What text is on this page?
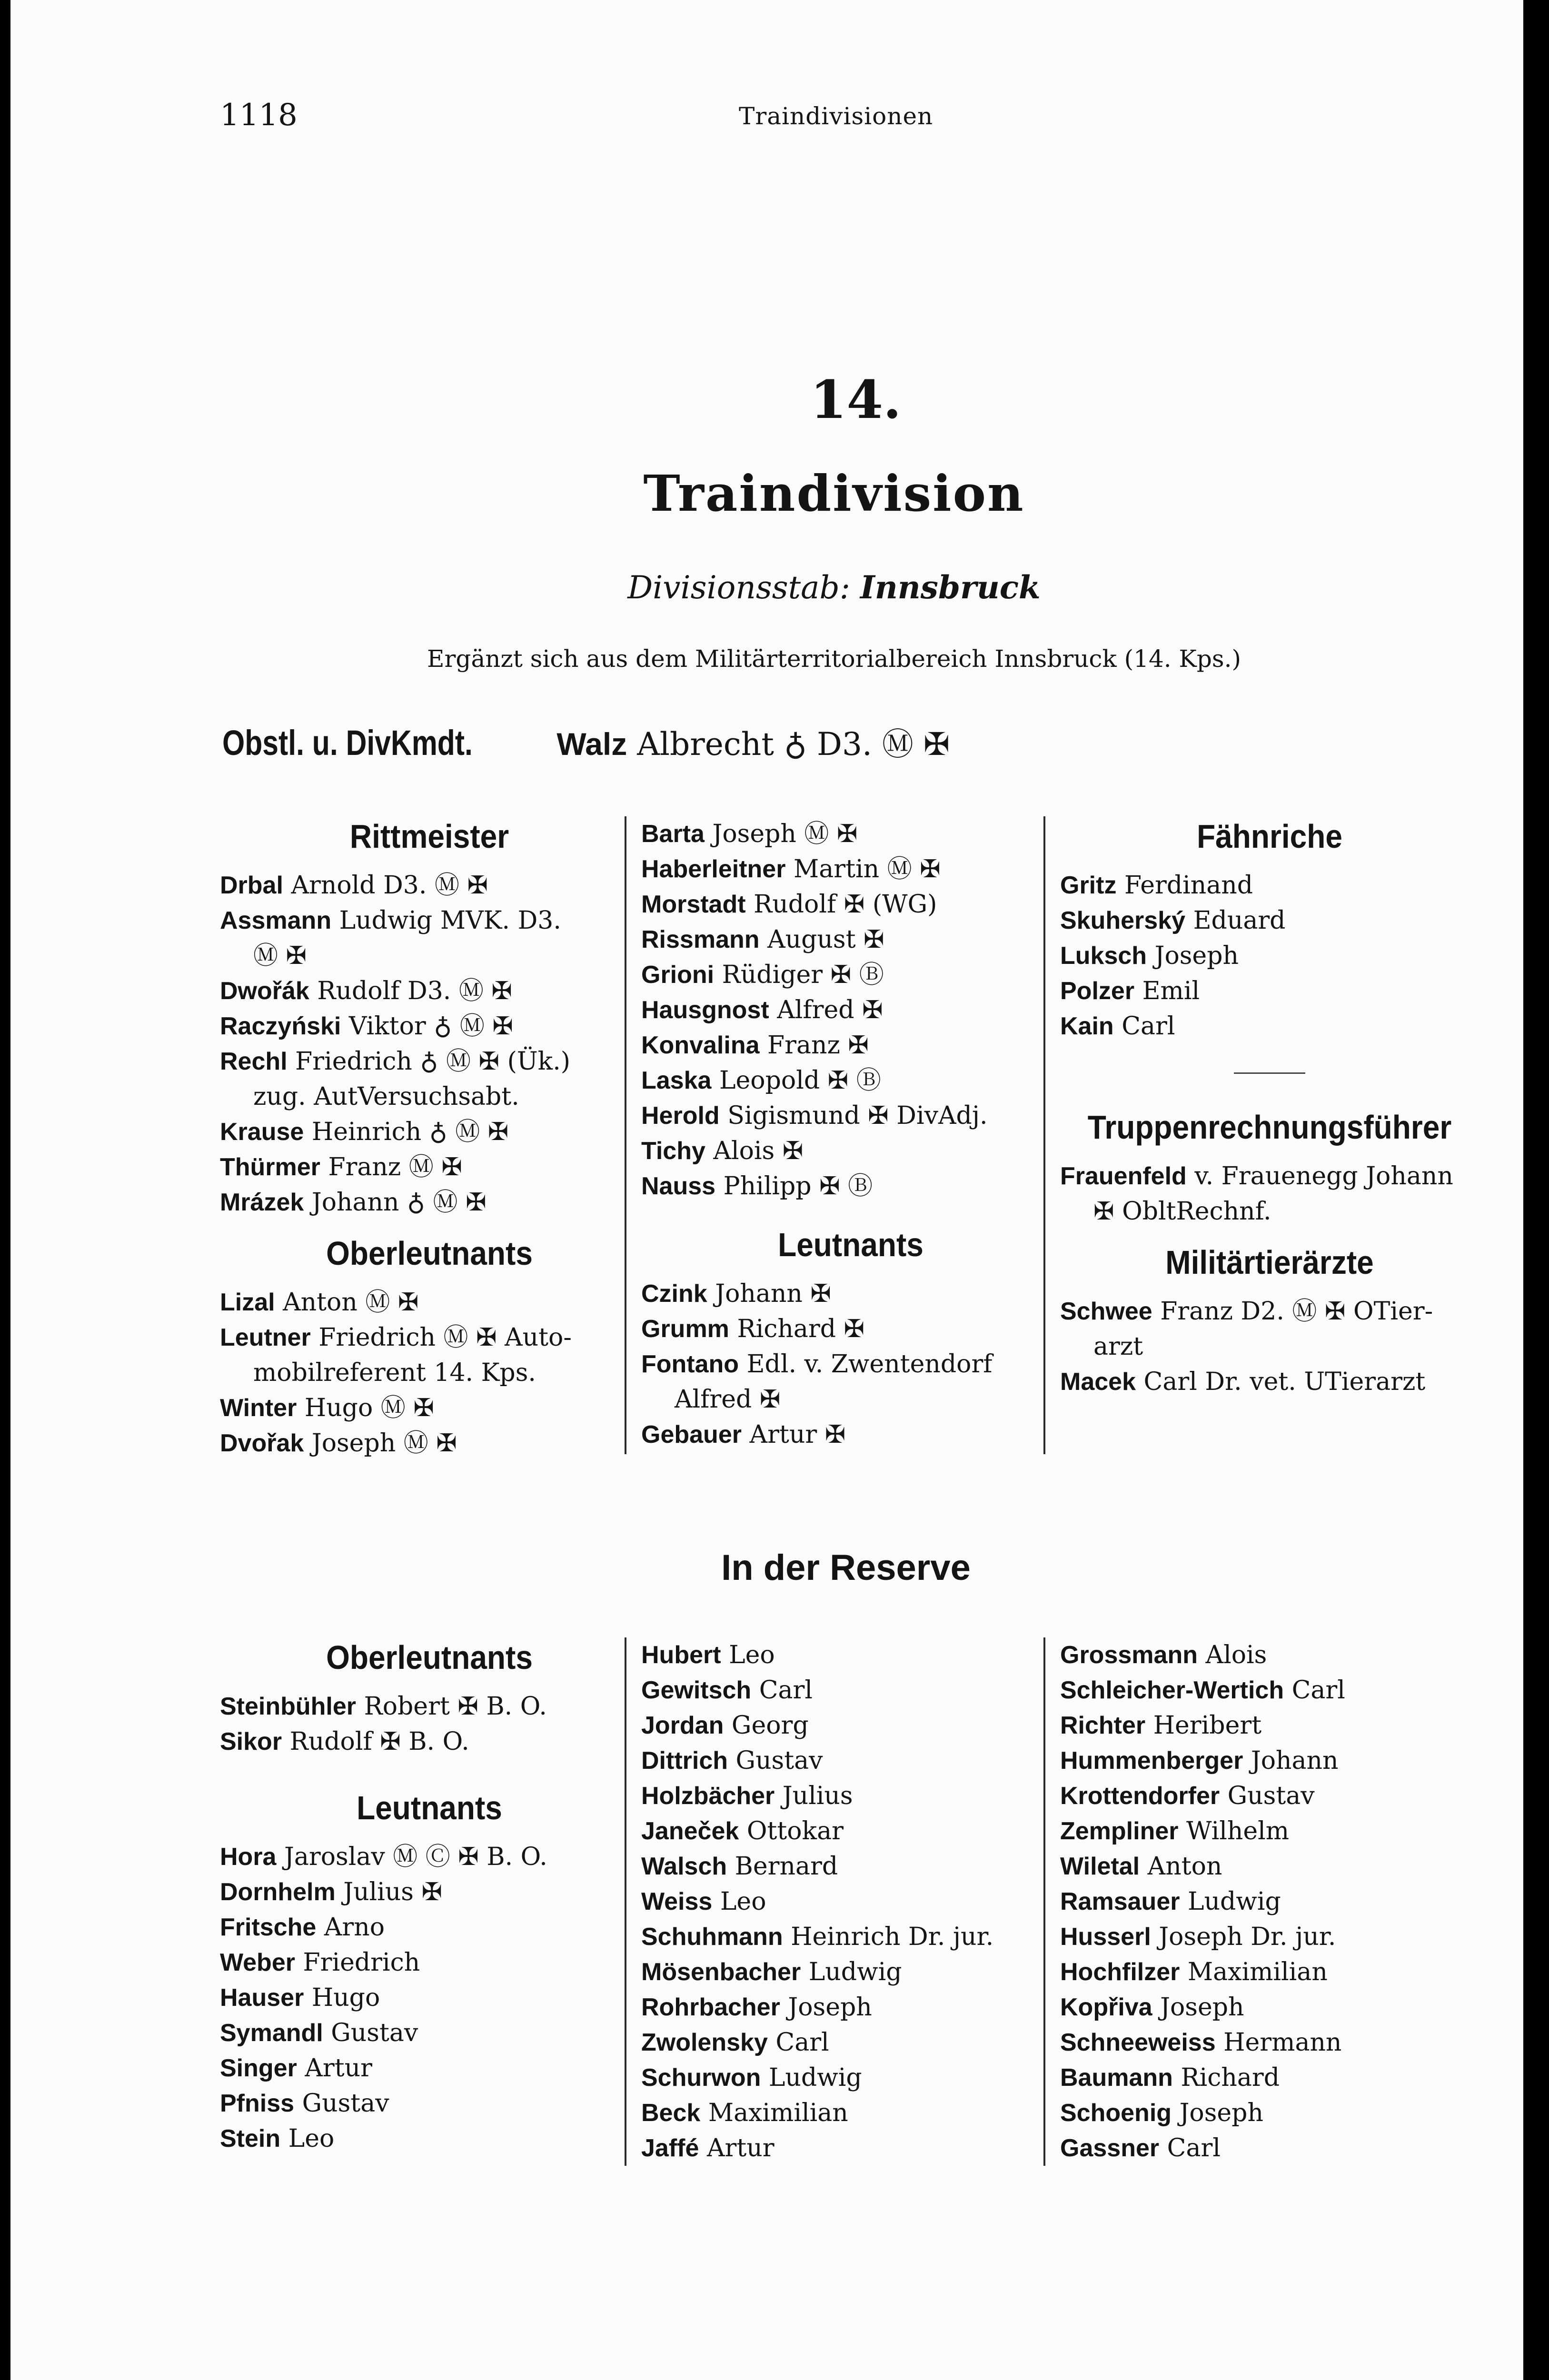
1118	Traindivisionen
14.
Traindivision
Divisionsstab: Innsbruck
Ergänzt sich aus dem Militärterritorialbereich Innsbruck (14. Kps.)
Obstl. u. DivKmdt.	Walz Albrecht ♁ D3. Ⓜ ✠
Rittmeister
Drbal Arnold D3. Ⓜ ✠
Assmann Ludwig MVK. D3.
Ⓜ ✠
Dwořák Rudolf D3. Ⓜ ✠
Raczyński Viktor ♁ Ⓜ ✠
Rechl Friedrich ♁ Ⓜ ✠ (Ük.)
zug. AutVersuchsabt.
Krause Heinrich ♁ Ⓜ ✠
Thürmer Franz Ⓜ ✠
Mrázek Johann ♁ Ⓜ ✠
Oberleutnants
Lizal Anton Ⓜ ✠
Leutner Friedrich Ⓜ ✠ Auto-
mobilreferent 14. Kps.
Winter Hugo Ⓜ ✠
Dvořak Joseph Ⓜ ✠
Barta Joseph Ⓜ ✠
Haberleitner Martin Ⓜ ✠
Morstadt Rudolf ✠ (WG)
Rissmann August ✠
Grioni Rüdiger ✠ Ⓑ
Hausgnost Alfred ✠
Konvalina Franz ✠
Laska Leopold ✠ Ⓑ
Herold Sigismund ✠ DivAdj.
Tichy Alois ✠
Nauss Philipp ✠ Ⓑ
Leutnants
Czink Johann ✠
Grumm Richard ✠
Fontano Edl. v. Zwentendorf
Alfred ✠
Gebauer Artur ✠
Fähnriche
Gritz Ferdinand
Skuherský Eduard
Luksch Joseph
Polzer Emil
Kain Carl
Truppenrechnungsführer
Frauenfeld v. Frauenegg Johann
✠ ObltRechnf.
Militärtierärzte
Schwee Franz D2. Ⓜ ✠ OTier-
arzt
Macek Carl Dr. vet. UTierarzt
In der Reserve
Oberleutnants
Steinbühler Robert ✠ B. O.
Sikor Rudolf ✠ B. O.
Leutnants
Hora Jaroslav Ⓜ Ⓒ ✠ B. O.
Dornhelm Julius ✠
Fritsche Arno
Weber Friedrich
Hauser Hugo
Symandl Gustav
Singer Artur
Pfniss Gustav
Stein Leo
Hubert Leo
Gewitsch Carl
Jordan Georg
Dittrich Gustav
Holzbächer Julius
Janeček Ottokar
Walsch Bernard
Weiss Leo
Schuhmann Heinrich Dr. jur.
Mösenbacher Ludwig
Rohrbacher Joseph
Zwolensky Carl
Schurwon Ludwig
Beck Maximilian
Jaffé Artur
Grossmann Alois
Schleicher-Wertich Carl
Richter Heribert
Hummenberger Johann
Krottendorfer Gustav
Zempliner Wilhelm
Wiletal Anton
Ramsauer Ludwig
Husserl Joseph Dr. jur.
Hochfilzer Maximilian
Kopřiva Joseph
Schneeweiss Hermann
Baumann Richard
Schoenig Joseph
Gassner Carl
